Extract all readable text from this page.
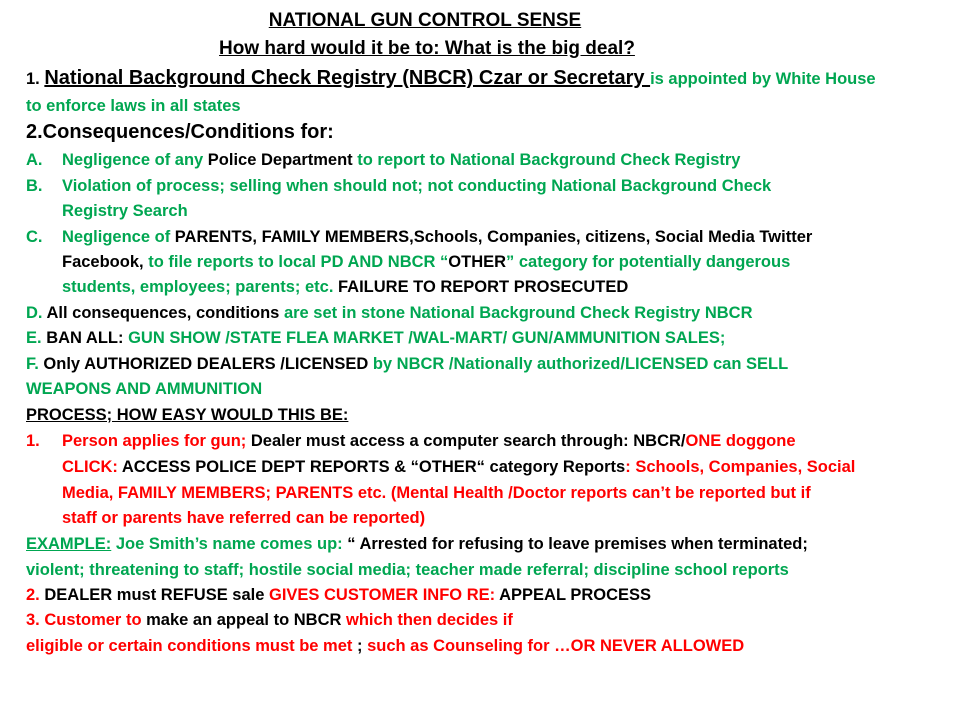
NATIONAL GUN CONTROL SENSE
How hard would it be to: What is the big deal?
1. National Background Check Registry (NBCR) Czar or Secretary is appointed by White House
to enforce laws in all states
2.Consequences/Conditions for:
A. Negligence of any Police Department to report to National Background Check Registry
B. Violation of process; selling when should not; not conducting National Background Check
Registry Search
C. Negligence of PARENTS, FAMILY MEMBERS,Schools, Companies, citizens, Social Media Twitter
Facebook, to file reports to local PD AND NBCR “OTHER” category for potentially dangerous
students, employees; parents; etc. FAILURE TO REPORT PROSECUTED
D. All consequences, conditions are set in stone National Background Check Registry NBCR
E. BAN ALL: GUN SHOW /STATE FLEA MARKET /WAL-MART/ GUN/AMMUNITION SALES;
F. Only AUTHORIZED DEALERS /LICENSED by NBCR /Nationally authorized/LICENSED can SELL
WEAPONS AND AMMUNITION
PROCESS; HOW EASY WOULD THIS BE:
1. Person applies for gun; Dealer must access a computer search through: NBCR/ONE doggone
CLICK: ACCESS POLICE DEPT REPORTS & “OTHER“ category Reports: Schools, Companies, Social
Media, FAMILY MEMBERS; PARENTS etc. (Mental Health /Doctor reports can’t be reported but if
staff or parents have referred can be reported)
EXAMPLE: Joe Smith’s name comes up: “ Arrested for refusing to leave premises when terminated;
violent; threatening to staff; hostile social media; teacher made referral; discipline school reports
2. DEALER must REFUSE sale GIVES CUSTOMER INFO RE: APPEAL PROCESS
3. Customer to make an appeal to NBCR which then decides if
eligible or certain conditions must be met ; such as Counseling for …OR NEVER ALLOWED
